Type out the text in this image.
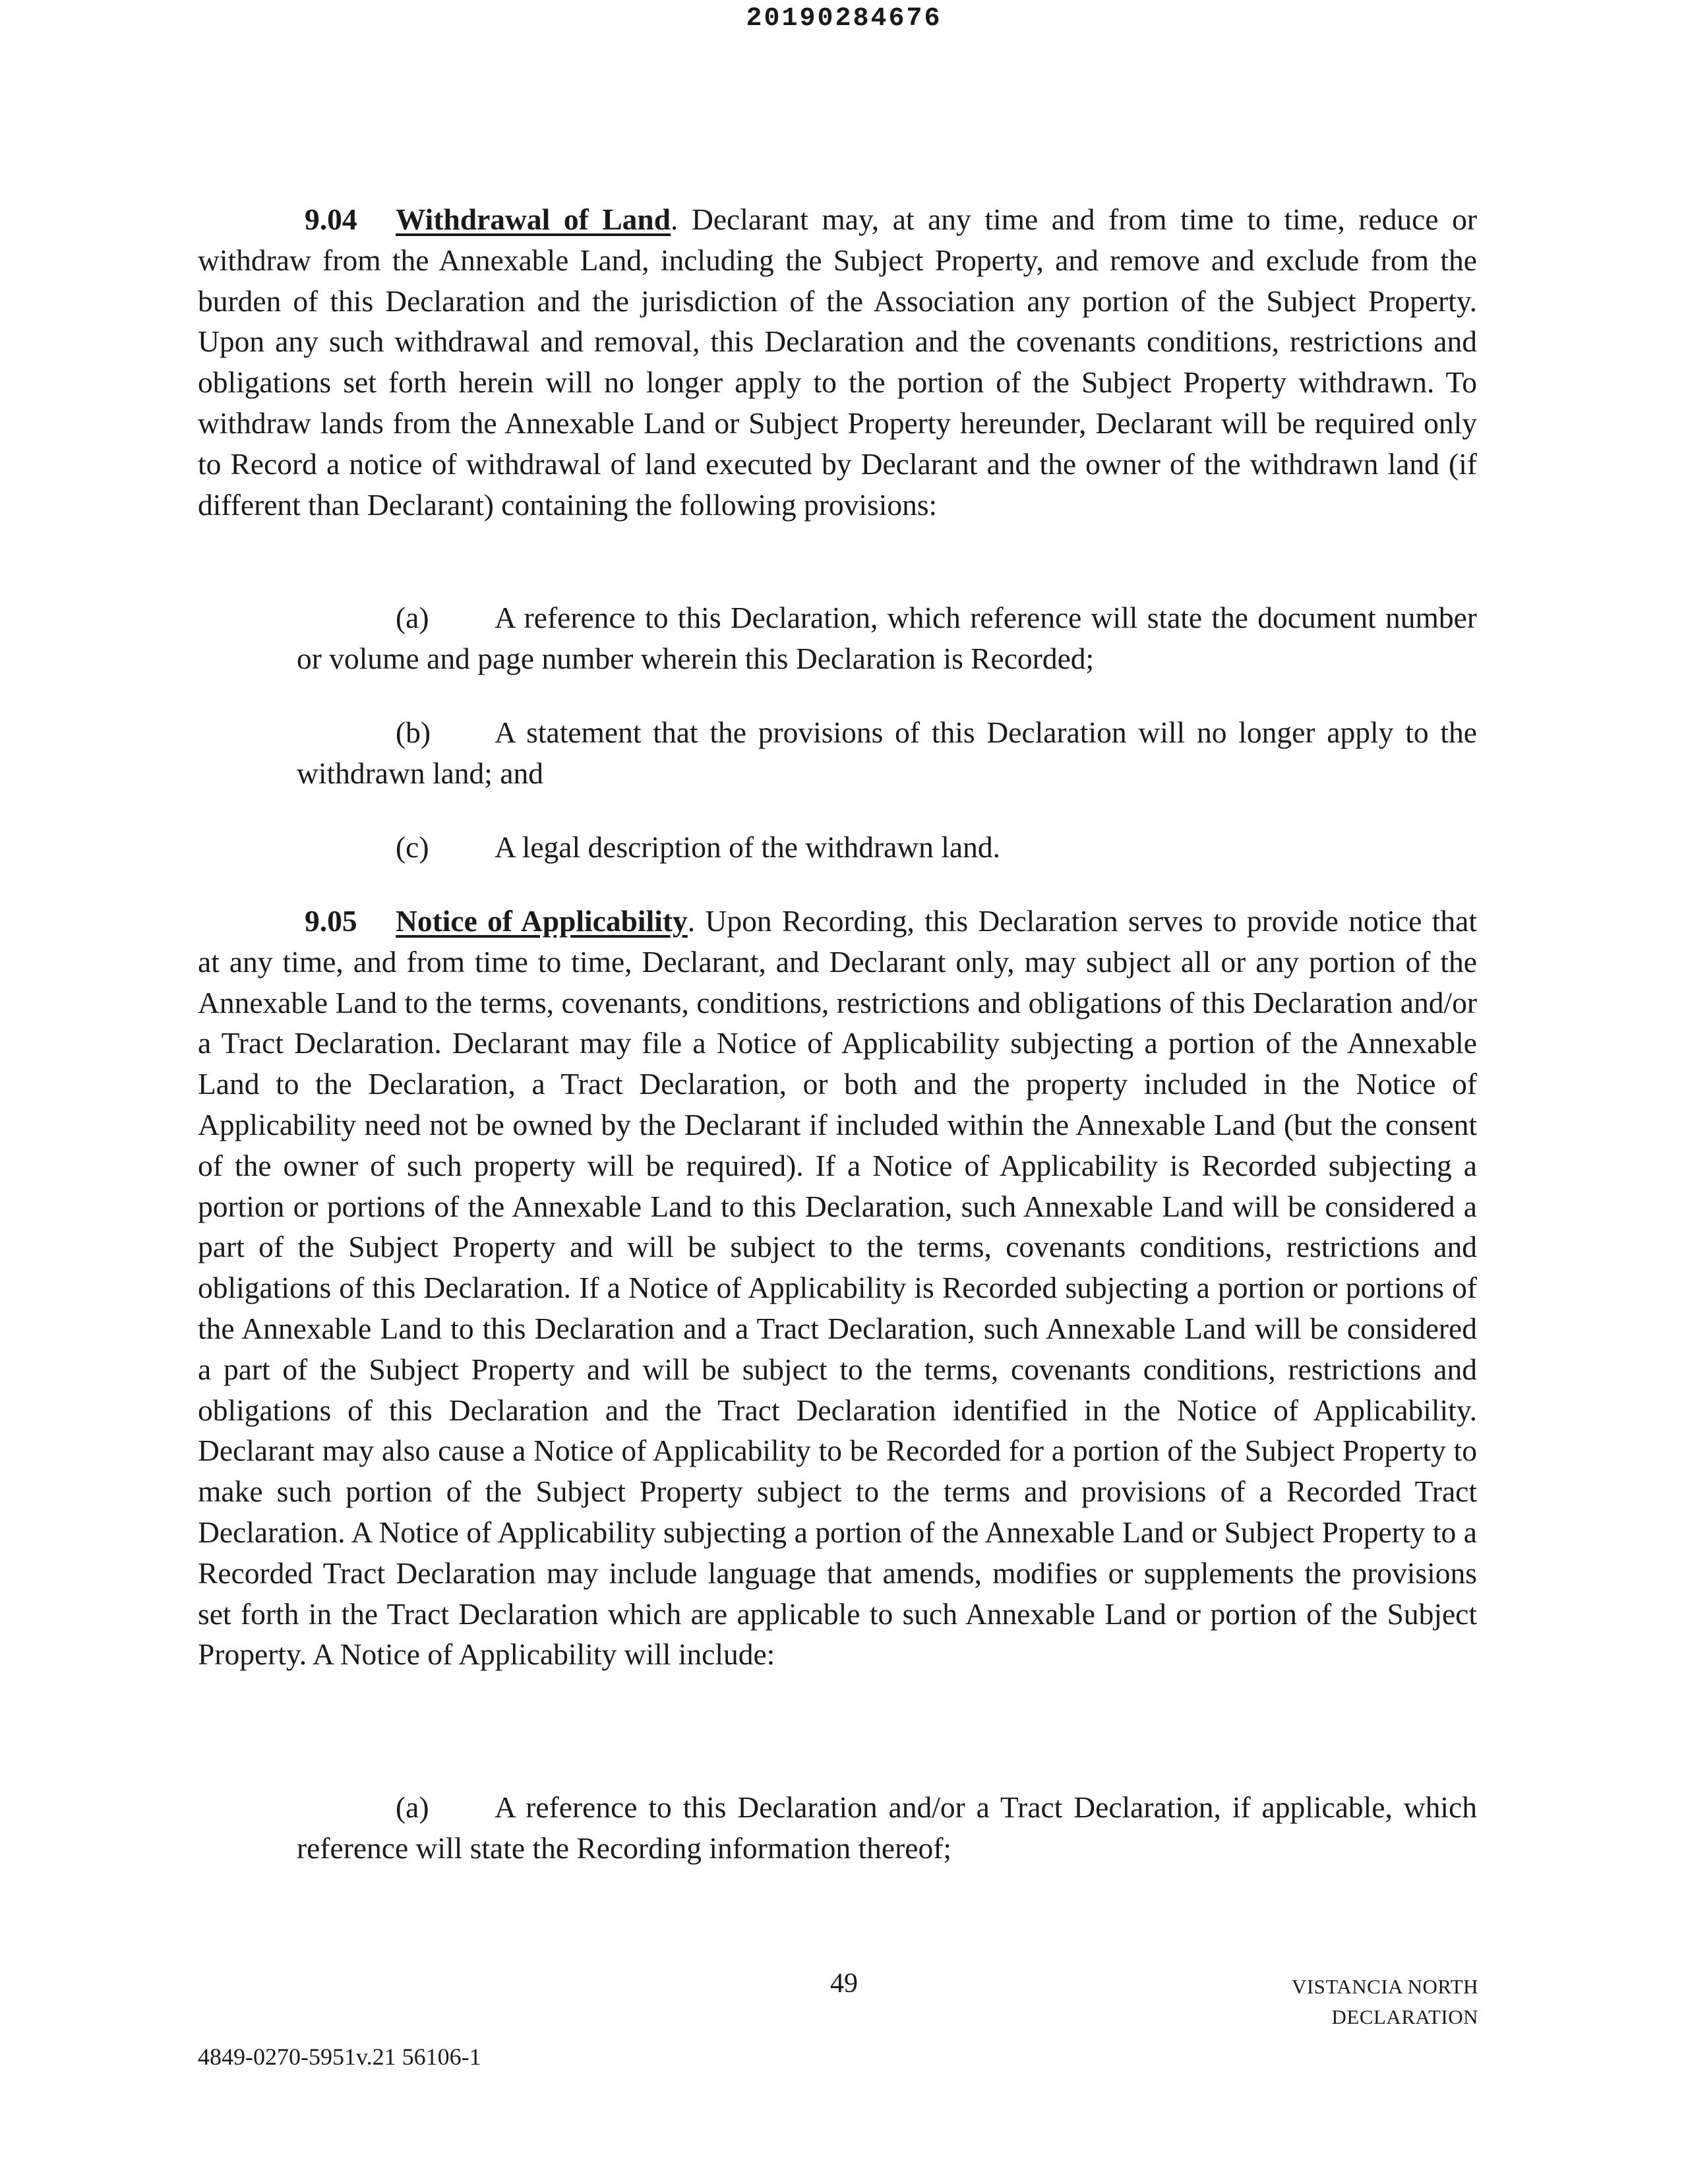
20190284676

9.04 Withdrawal of Land. Declarant may, at any time and from time to time, reduce or withdraw from the Annexable Land, including the Subject Property, and remove and exclude from the burden of this Declaration and the jurisdiction of the Association any portion of the Subject Property. Upon any such withdrawal and removal, this Declaration and the covenants conditions, restrictions and obligations set forth herein will no longer apply to the portion of the Subject Property withdrawn. To withdraw lands from the Annexable Land or Subject Property hereunder, Declarant will be required only to Record a notice of withdrawal of land executed by Declarant and the owner of the withdrawn land (if different than Declarant) containing the following provisions:

(a) A reference to this Declaration, which reference will state the document number or volume and page number wherein this Declaration is Recorded;

(b) A statement that the provisions of this Declaration will no longer apply to the withdrawn land; and

(c) A legal description of the withdrawn land.

9.05 Notice of Applicability. Upon Recording, this Declaration serves to provide notice that at any time, and from time to time, Declarant, and Declarant only, may subject all or any portion of the Annexable Land to the terms, covenants, conditions, restrictions and obligations of this Declaration and/or a Tract Declaration. Declarant may file a Notice of Applicability subjecting a portion of the Annexable Land to the Declaration, a Tract Declaration, or both and the property included in the Notice of Applicability need not be owned by the Declarant if included within the Annexable Land (but the consent of the owner of such property will be required). If a Notice of Applicability is Recorded subjecting a portion or portions of the Annexable Land to this Declaration, such Annexable Land will be considered a part of the Subject Property and will be subject to the terms, covenants conditions, restrictions and obligations of this Declaration. If a Notice of Applicability is Recorded subjecting a portion or portions of the Annexable Land to this Declaration and a Tract Declaration, such Annexable Land will be considered a part of the Subject Property and will be subject to the terms, covenants conditions, restrictions and obligations of this Declaration and the Tract Declaration identified in the Notice of Applicability. Declarant may also cause a Notice of Applicability to be Recorded for a portion of the Subject Property to make such portion of the Subject Property subject to the terms and provisions of a Recorded Tract Declaration. A Notice of Applicability subjecting a portion of the Annexable Land or Subject Property to a Recorded Tract Declaration may include language that amends, modifies or supplements the provisions set forth in the Tract Declaration which are applicable to such Annexable Land or portion of the Subject Property. A Notice of Applicability will include:

(a) A reference to this Declaration and/or a Tract Declaration, if applicable, which reference will state the Recording information thereof;

49	VISTANCIA NORTH
DECLARATION
4849-0270-5951v.21 56106-1
